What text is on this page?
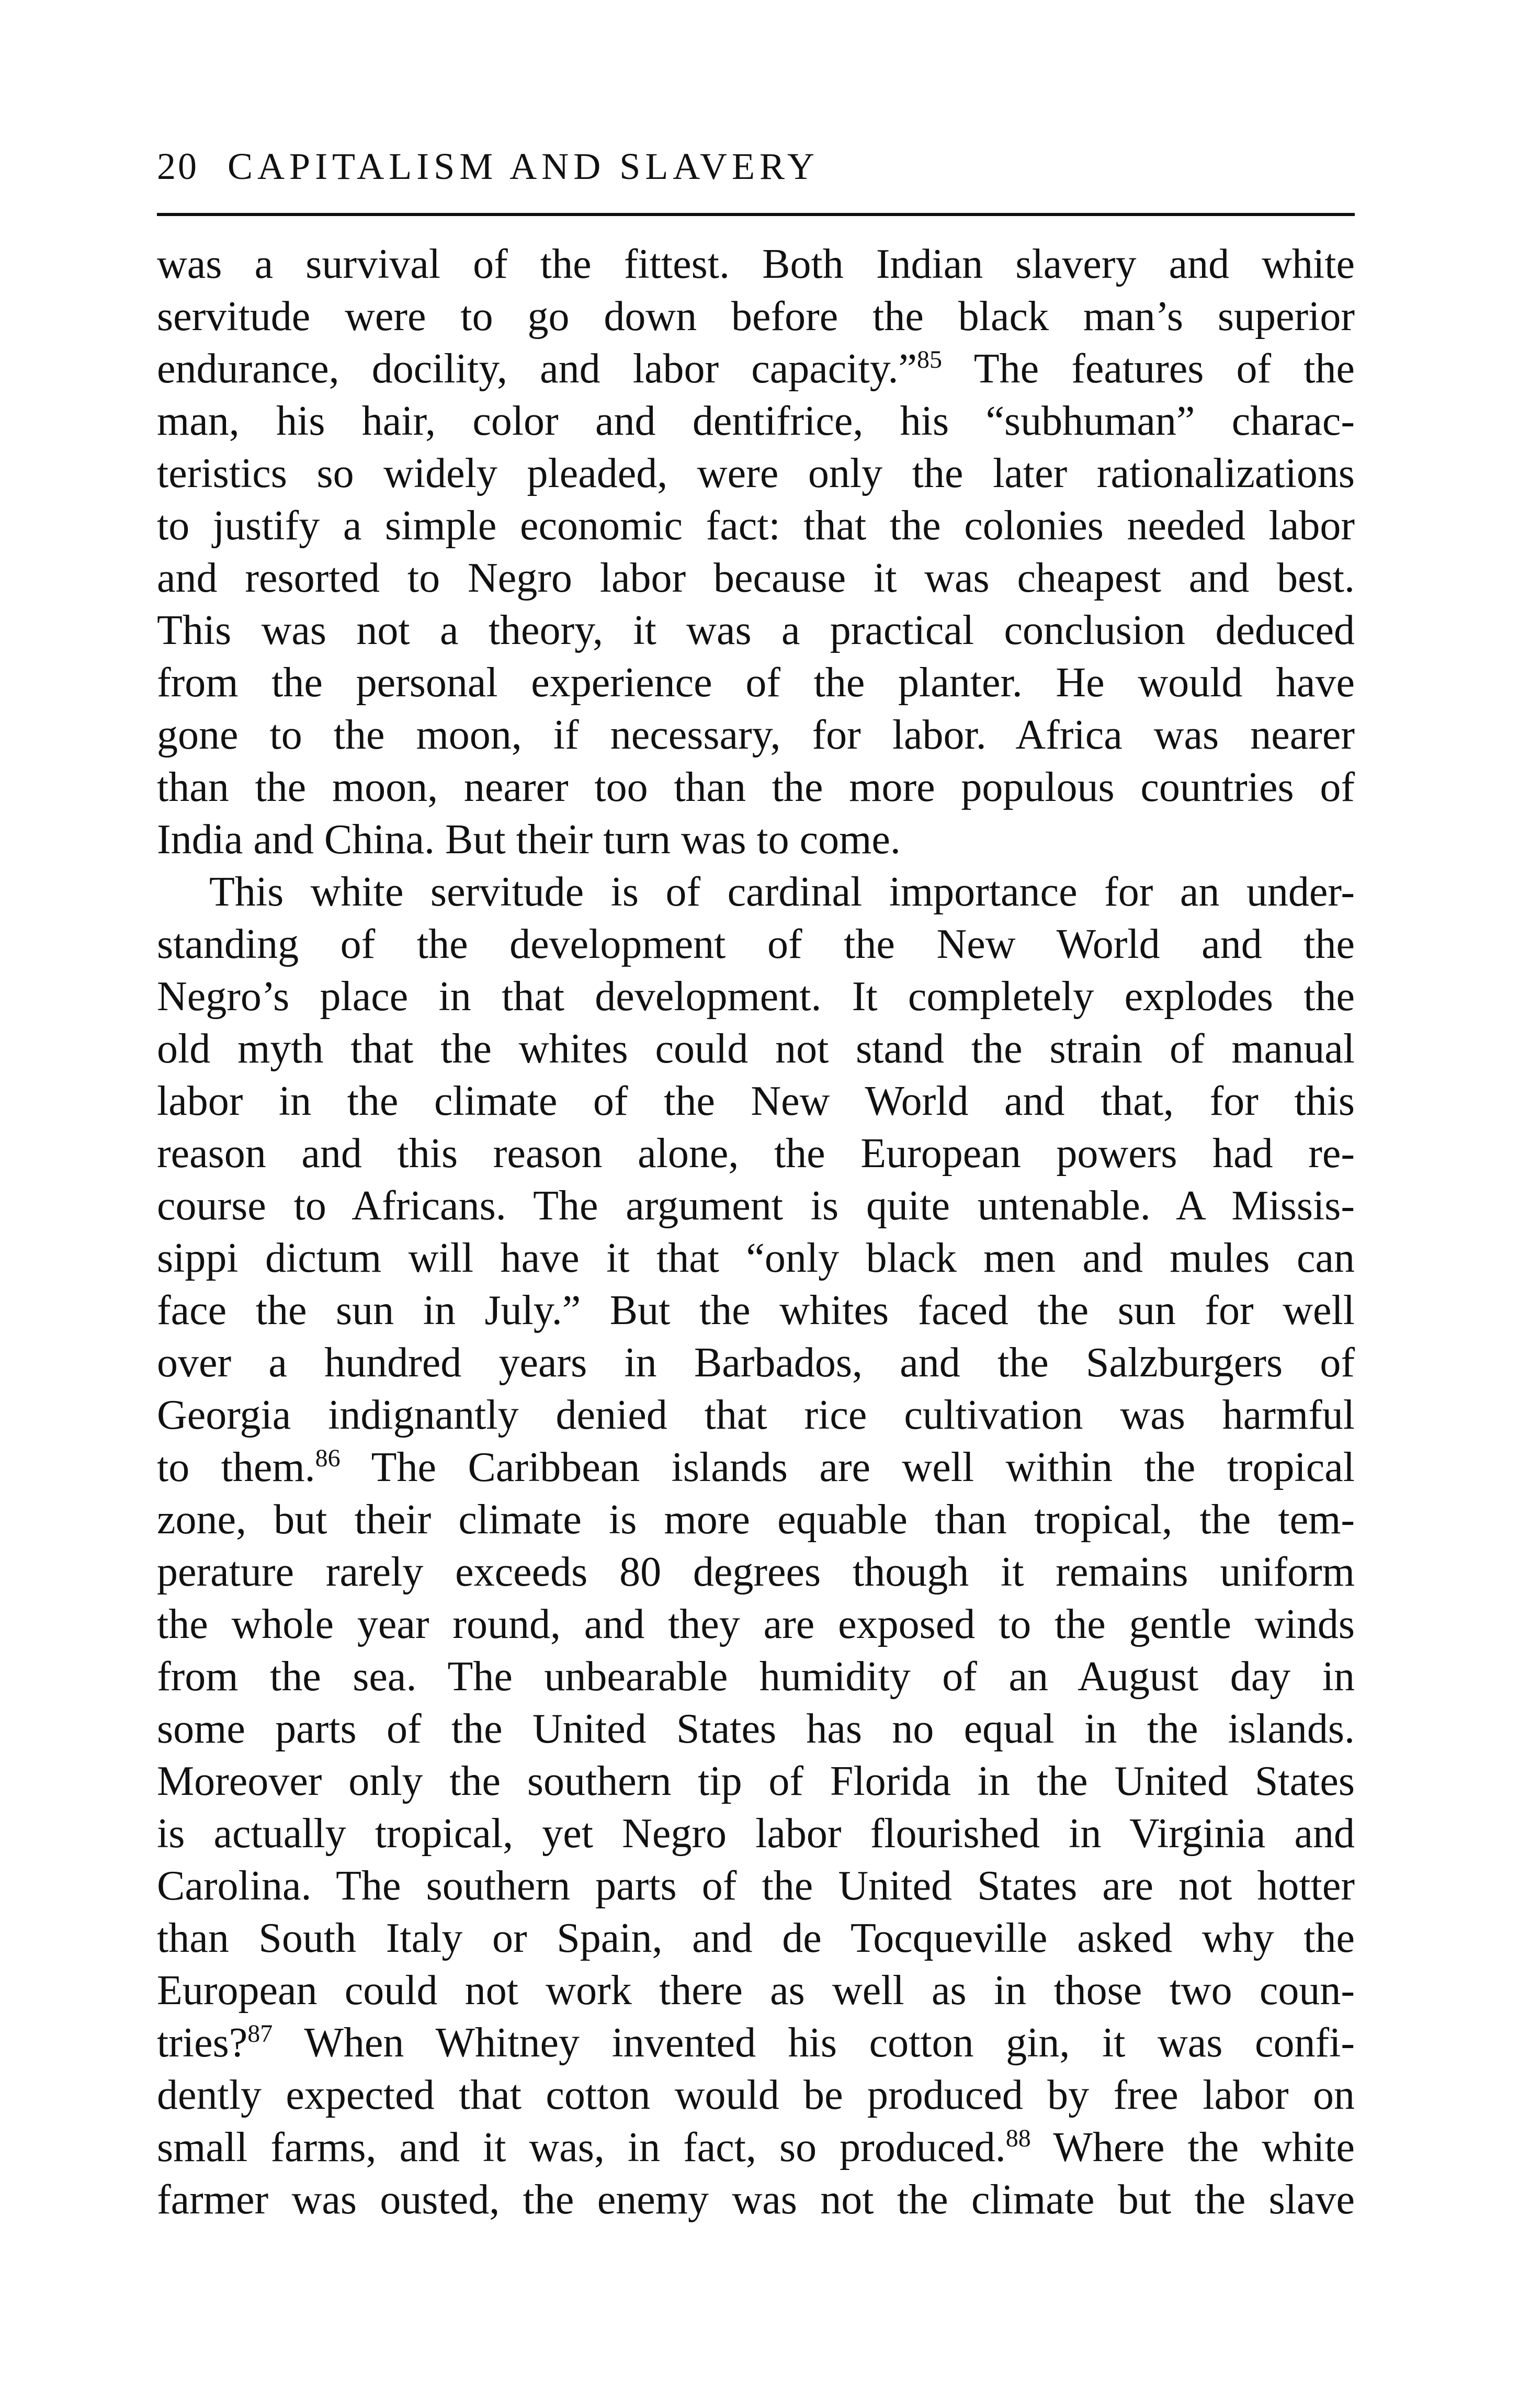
20 CAPITALISM AND SLAVERY
was a survival of the fittest. Both Indian slavery and white
servitude were to go down before the black man’s superior
endurance, docility, and labor capacity.”$^{85}$ The features of the
man, his hair, color and dentifrice, his “subhuman” charac-
teristics so widely pleaded, were only the later rationalizations
to justify a simple economic fact: that the colonies needed labor
and resorted to Negro labor because it was cheapest and best.
This was not a theory, it was a practical conclusion deduced
from the personal experience of the planter. He would have
gone to the moon, if necessary, for labor. Africa was nearer
than the moon, nearer too than the more populous countries of
India and China. But their turn was to come.
This white servitude is of cardinal importance for an under-
standing of the development of the New World and the
Negro’s place in that development. It completely explodes the
old myth that the whites could not stand the strain of manual
labor in the climate of the New World and that, for this
reason and this reason alone, the European powers had re-
course to Africans. The argument is quite untenable. A Missis-
sippi dictum will have it that “only black men and mules can
face the sun in July.” But the whites faced the sun for well
over a hundred years in Barbados, and the Salzburgers of
Georgia indignantly denied that rice cultivation was harmful
to them.$^{86}$ The Caribbean islands are well within the tropical
zone, but their climate is more equable than tropical, the tem-
perature rarely exceeds 80 degrees though it remains uniform
the whole year round, and they are exposed to the gentle winds
from the sea. The unbearable humidity of an August day in
some parts of the United States has no equal in the islands.
Moreover only the southern tip of Florida in the United States
is actually tropical, yet Negro labor flourished in Virginia and
Carolina. The southern parts of the United States are not hotter
than South Italy or Spain, and de Tocqueville asked why the
European could not work there as well as in those two coun-
tries?$^{87}$ When Whitney invented his cotton gin, it was confi-
dently expected that cotton would be produced by free labor on
small farms, and it was, in fact, so produced.$^{88}$ Where the white
farmer was ousted, the enemy was not the climate but the slave
